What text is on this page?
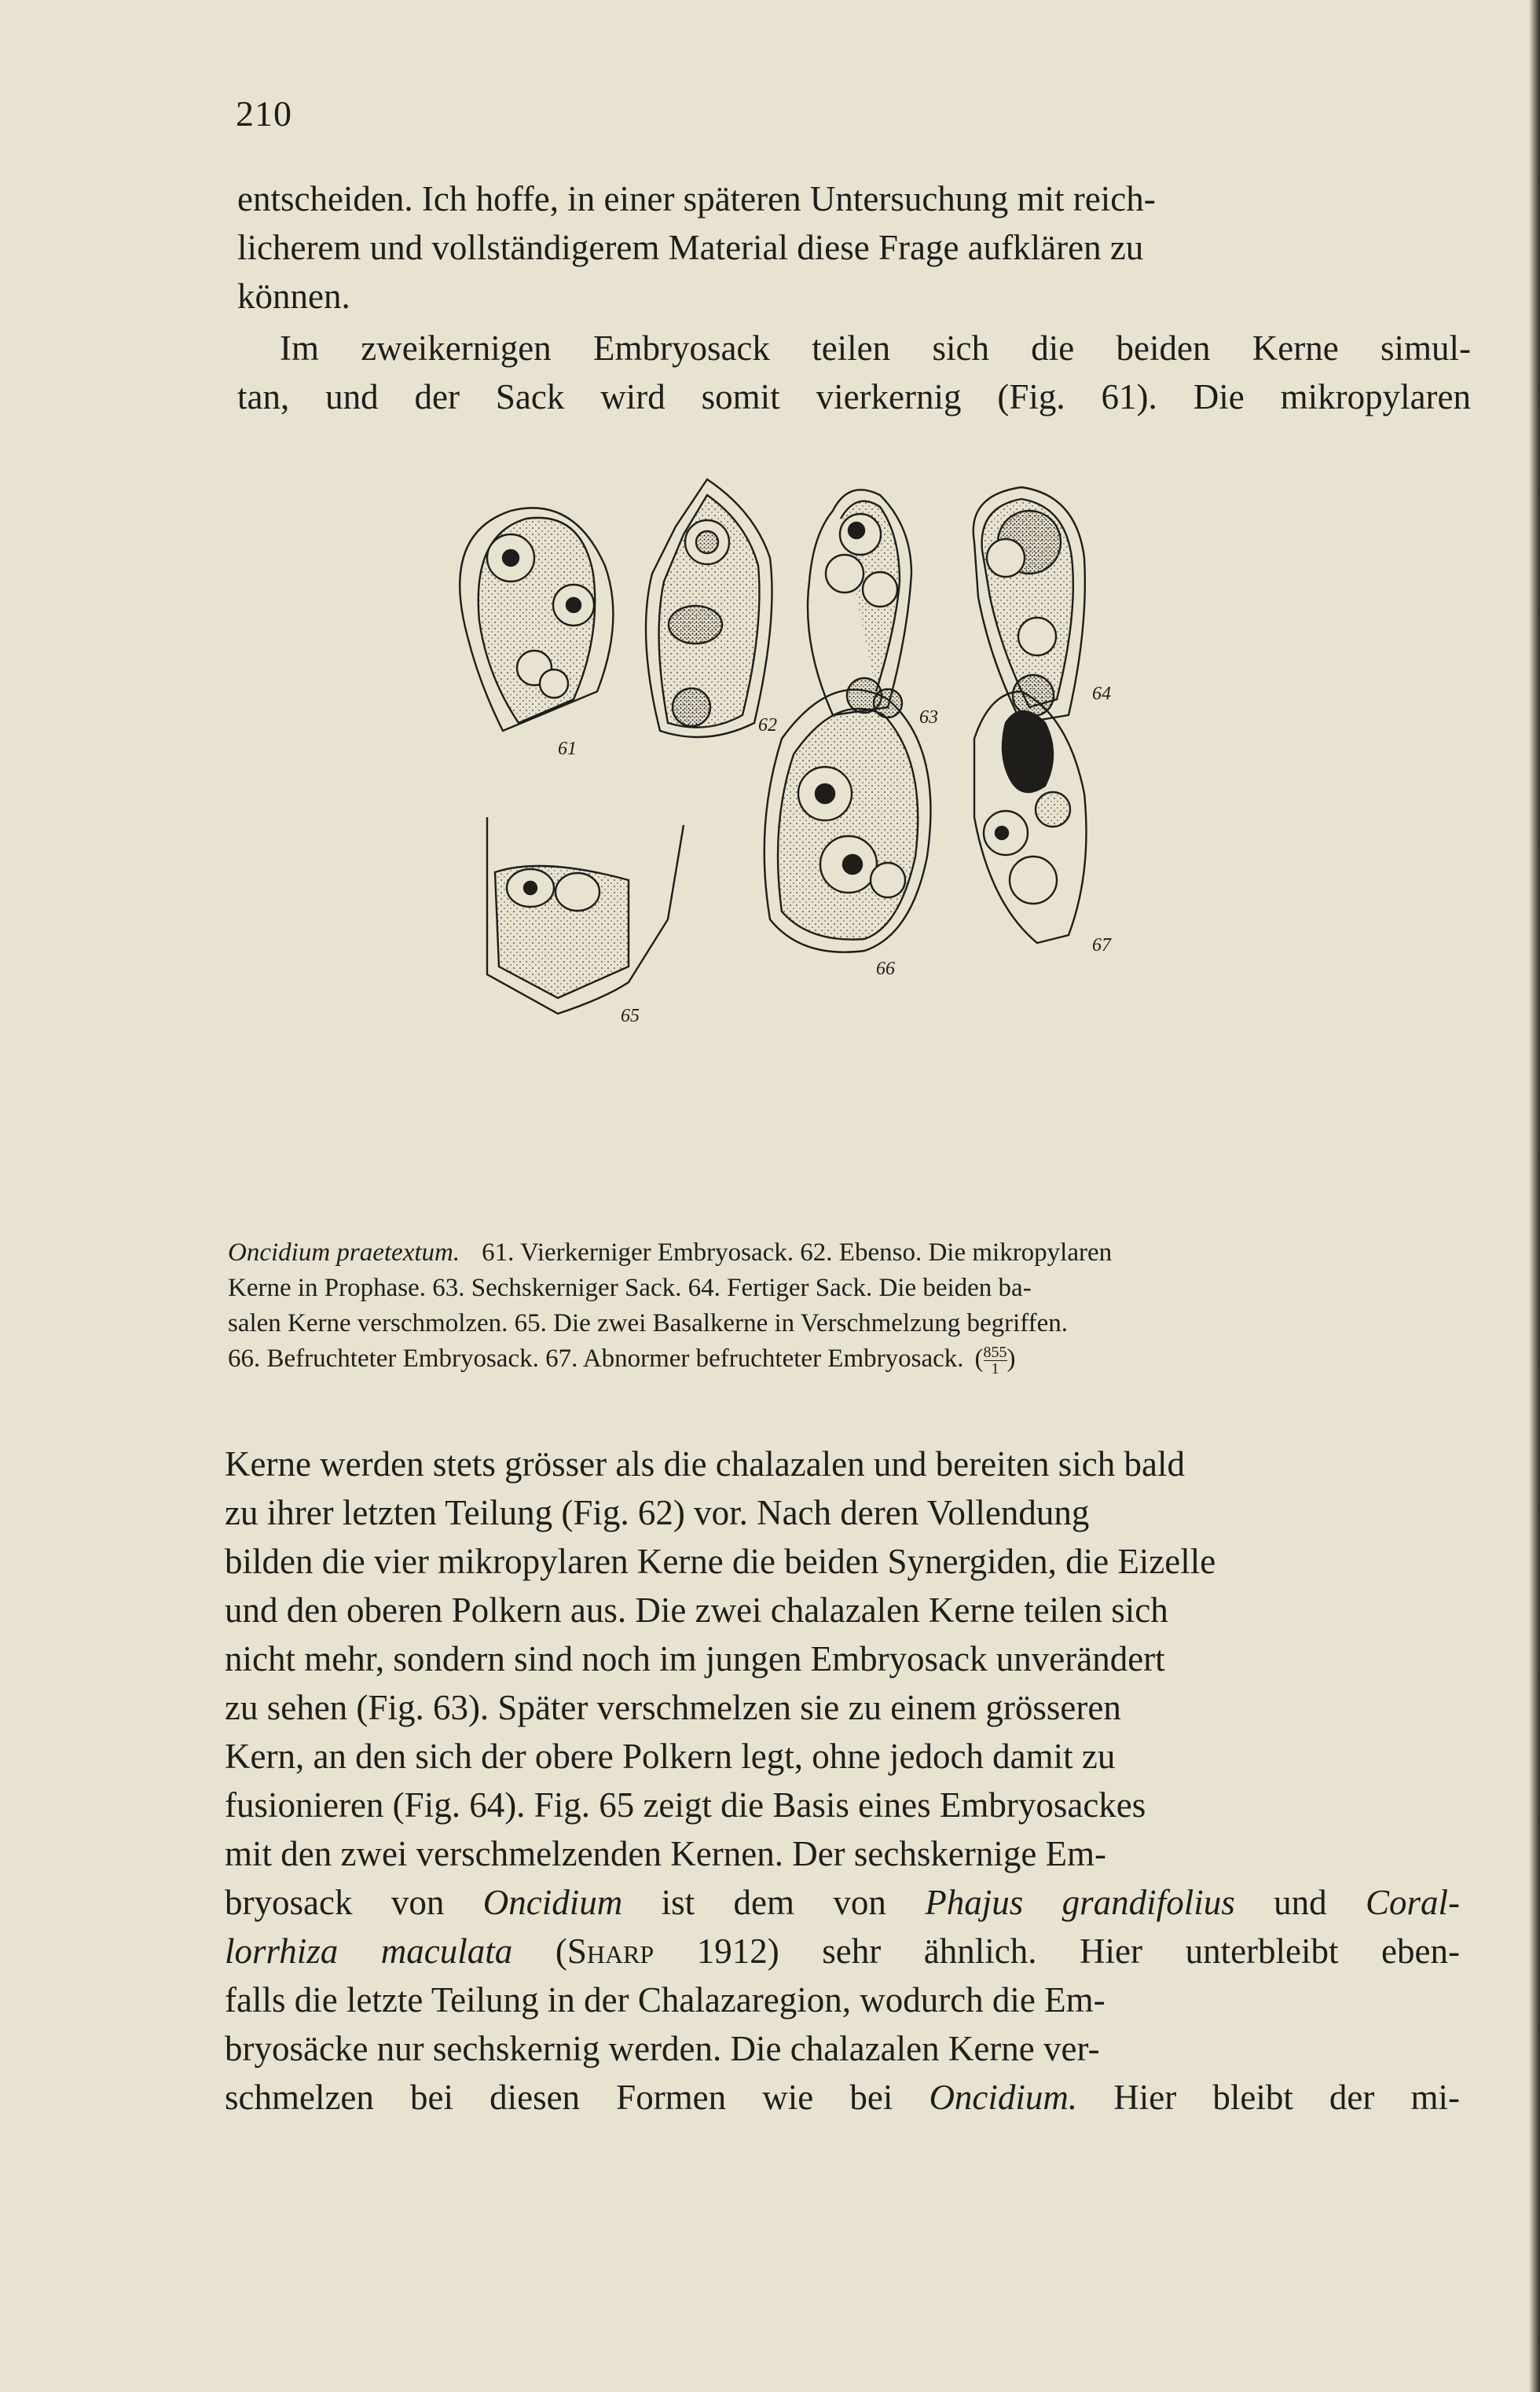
210
entscheiden. Ich hoffe, in einer späteren Untersuchung mit reich-
licherem und vollständigerem Material diese Frage aufklären zu
können.
Im zweikernigen Embryosack teilen sich die beiden Kerne simul-
tan, und der Sack wird somit vierkernig (Fig. 61). Die mikropylaren
61
62	63
64
65
66
67
Oncidium praetextum. 61. Vierkerniger Embryosack. 62. Ebenso. Die mikropylaren
Kerne in Prophase. 63. Sechskerniger Sack. 64. Fertiger Sack. Die beiden ba-
salen Kerne verschmolzen. 65. Die zwei Basalkerne in Verschmelzung begriffen.
66. Befruchteter Embryosack. 67. Abnormer befruchteter Embryosack. ( $\frac{855}{1}$ )
Kerne werden stets grösser als die chalazalen und bereiten sich bald
zu ihrer letzten Teilung (Fig. 62) vor. Nach deren Vollendung
bilden die vier mikropylaren Kerne die beiden Synergiden, die Eizelle
und den oberen Polkern aus. Die zwei chalazalen Kerne teilen sich
nicht mehr, sondern sind noch im jungen Embryosack unverändert
zu sehen (Fig. 63). Später verschmelzen sie zu einem grösseren
Kern, an den sich der obere Polkern legt, ohne jedoch damit zu
fusionieren (Fig. 64). Fig. 65 zeigt die Basis eines Embryosackes
mit den zwei verschmelzenden Kernen. Der sechskernige Em-
bryosack von Oncidium ist dem von Phajus grandifolius und Coral-
lorrhiza maculata (Sharp 1912) sehr ähnlich. Hier unterbleibt eben-
falls die letzte Teilung in der Chalazaregion, wodurch die Em-
bryosäcke nur sechskernig werden. Die chalazalen Kerne ver-
schmelzen bei diesen Formen wie bei Oncidium. Hier bleibt der mi-
